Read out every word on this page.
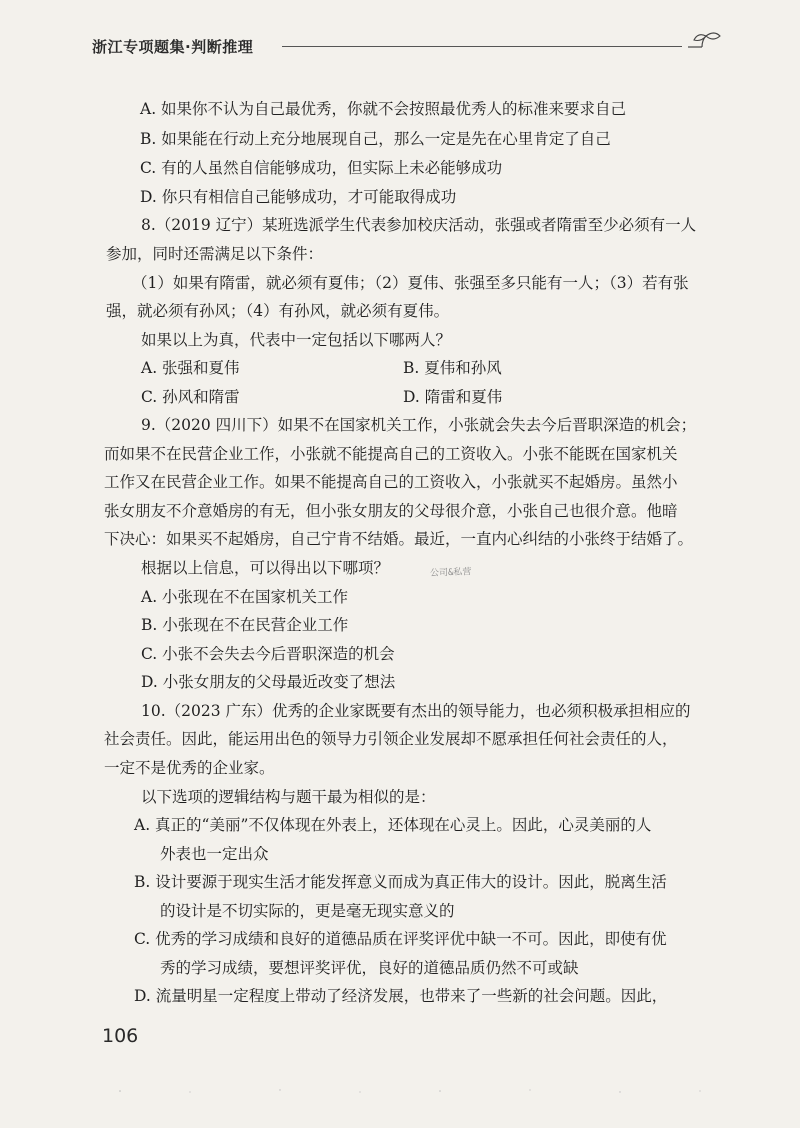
浙江专项题集·判断推理
A. 如果你不认为自己最优秀，你就不会按照最优秀人的标准来要求自己
B. 如果能在行动上充分地展现自己，那么一定是先在心里肯定了自己
C. 有的人虽然自信能够成功，但实际上未必能够成功
D. 你只有相信自己能够成功，才可能取得成功
8.（2019 辽宁）某班选派学生代表参加校庆活动，张强或者隋雷至少必须有一人
参加，同时还需满足以下条件：
（1）如果有隋雷，就必须有夏伟；（2）夏伟、张强至多只能有一人；（3）若有张
强，就必须有孙风；（4）有孙风，就必须有夏伟。
如果以上为真，代表中一定包括以下哪两人？
A. 张强和夏伟	B. 夏伟和孙风
C. 孙风和隋雷	D. 隋雷和夏伟
9.（2020 四川下）如果不在国家机关工作，小张就会失去今后晋职深造的机会；
而如果不在民营企业工作，小张就不能提高自己的工资收入。小张不能既在国家机关
工作又在民营企业工作。如果不能提高自己的工资收入，小张就买不起婚房。虽然小
张女朋友不介意婚房的有无，但小张女朋友的父母很介意，小张自己也很介意。他暗
下决心：如果买不起婚房，自己宁肯不结婚。最近，一直内心纠结的小张终于结婚了。
根据以上信息，可以得出以下哪项？	公司&私营
A. 小张现在不在国家机关工作
B. 小张现在不在民营企业工作
C. 小张不会失去今后晋职深造的机会
D. 小张女朋友的父母最近改变了想法
10.（2023 广东）优秀的企业家既要有杰出的领导能力，也必须积极承担相应的
社会责任。因此，能运用出色的领导力引领企业发展却不愿承担任何社会责任的人，
一定不是优秀的企业家。
以下选项的逻辑结构与题干最为相似的是：
A. 真正的“美丽”不仅体现在外表上，还体现在心灵上。因此，心灵美丽的人
外表也一定出众
B. 设计要源于现实生活才能发挥意义而成为真正伟大的设计。因此，脱离生活
的设计是不切实际的，更是毫无现实意义的
C. 优秀的学习成绩和良好的道德品质在评奖评优中缺一不可。因此，即使有优
秀的学习成绩，要想评奖评优，良好的道德品质仍然不可或缺
D. 流量明星一定程度上带动了经济发展，也带来了一些新的社会问题。因此，
106
